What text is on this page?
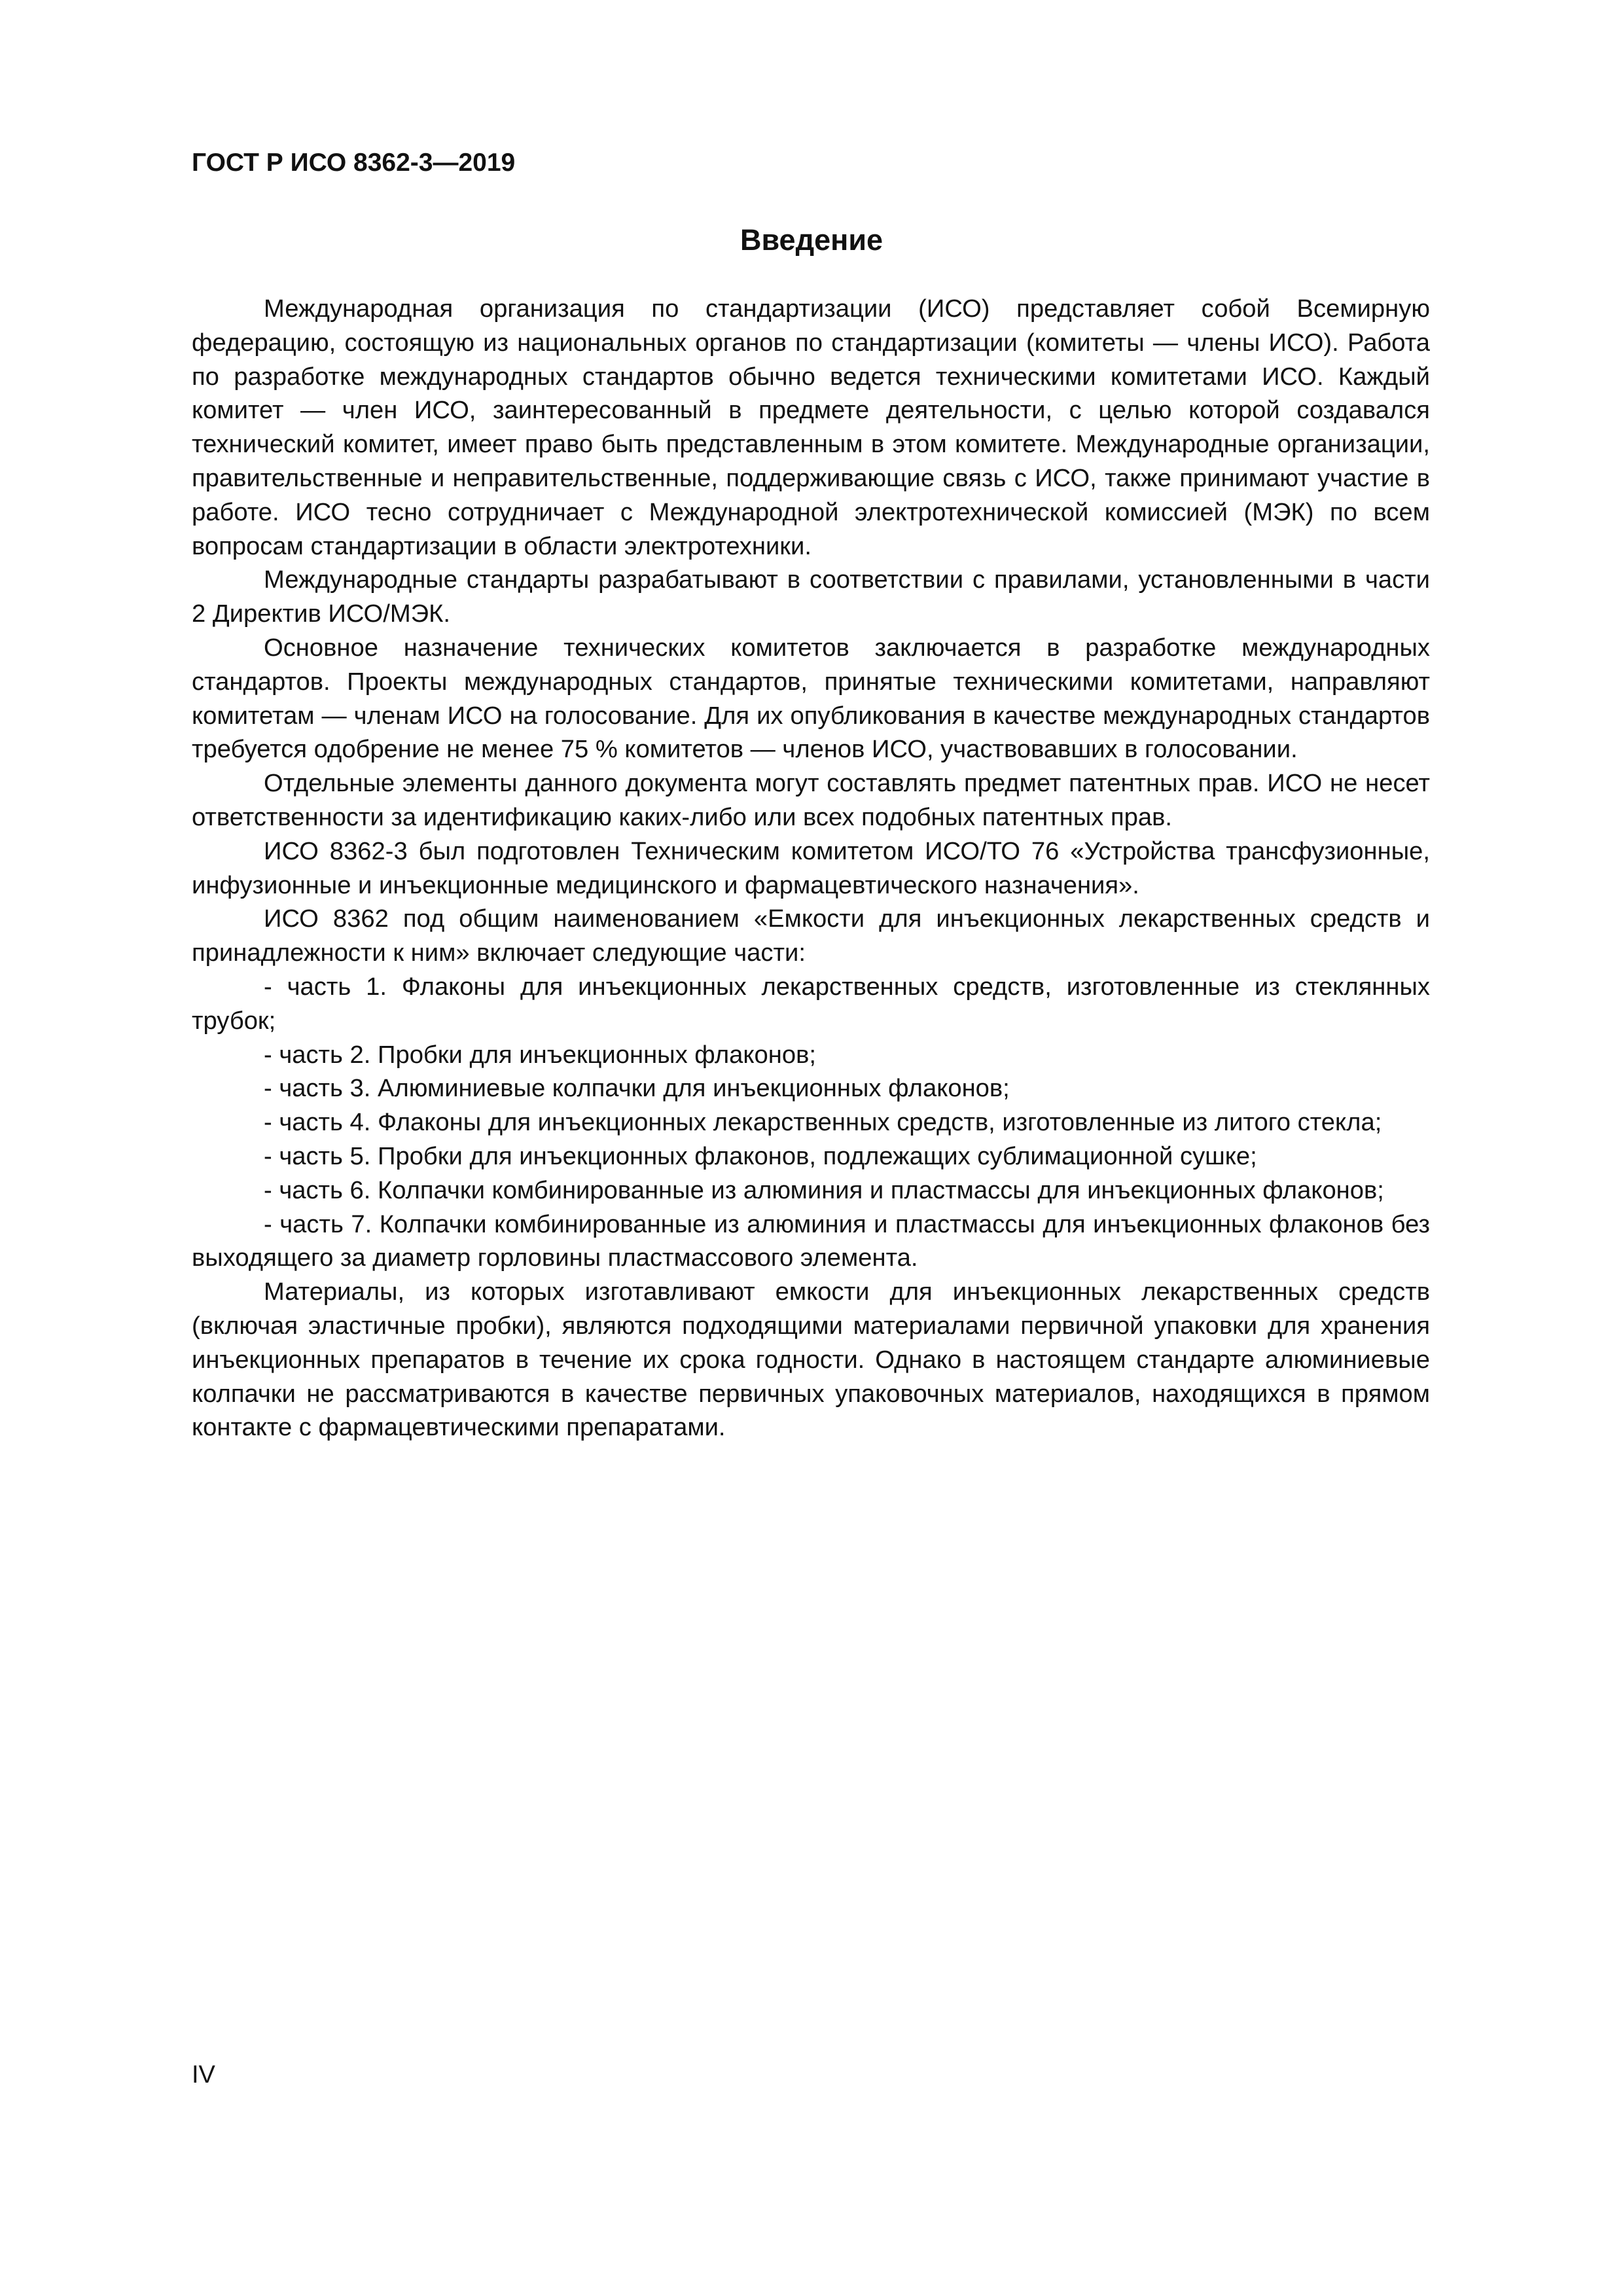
ГОСТ Р ИСО 8362-3—2019
Введение

Международная организация по стандартизации (ИСО) представляет собой Всемирную федерацию, состоящую из национальных органов по стандартизации (комитеты — члены ИСО). Работа по разработке международных стандартов обычно ведется техническими комитетами ИСО. Каждый комитет — член ИСО, заинтересованный в предмете деятельности, с целью которой создавался технический комитет, имеет право быть представленным в этом комитете. Международные организации, правительственные и неправительственные, поддерживающие связь с ИСО, также принимают участие в работе. ИСО тесно сотрудничает с Международной электротехнической комиссией (МЭК) по всем вопросам стандартизации в области электротехники.

Международные стандарты разрабатывают в соответствии с правилами, установленными в части 2 Директив ИСО/МЭК.

Основное назначение технических комитетов заключается в разработке международных стандартов. Проекты международных стандартов, принятые техническими комитетами, направляют комитетам — членам ИСО на голосование. Для их опубликования в качестве международных стандартов требуется одобрение не менее 75 % комитетов — членов ИСО, участвовавших в голосовании.

Отдельные элементы данного документа могут составлять предмет патентных прав. ИСО не несет ответственности за идентификацию каких-либо или всех подобных патентных прав.

ИСО 8362-3 был подготовлен Техническим комитетом ИСО/ТО 76 «Устройства трансфузионные, инфузионные и инъекционные медицинского и фармацевтического назначения».

ИСО 8362 под общим наименованием «Емкости для инъекционных лекарственных средств и принадлежности к ним» включает следующие части:

- часть 1. Флаконы для инъекционных лекарственных средств, изготовленные из стеклянных трубок;

- часть 2. Пробки для инъекционных флаконов;

- часть 3. Алюминиевые колпачки для инъекционных флаконов;

- часть 4. Флаконы для инъекционных лекарственных средств, изготовленные из литого стекла;

- часть 5. Пробки для инъекционных флаконов, подлежащих сублимационной сушке;

- часть 6. Колпачки комбинированные из алюминия и пластмассы для инъекционных флаконов;

- часть 7. Колпачки комбинированные из алюминия и пластмассы для инъекционных флаконов без выходящего за диаметр горловины пластмассового элемента.

Материалы, из которых изготавливают емкости для инъекционных лекарственных средств (включая эластичные пробки), являются подходящими материалами первичной упаковки для хранения инъекционных препаратов в течение их срока годности. Однако в настоящем стандарте алюминиевые колпачки не рассматриваются в качестве первичных упаковочных материалов, находящихся в прямом контакте с фармацевтическими препаратами.

IV
